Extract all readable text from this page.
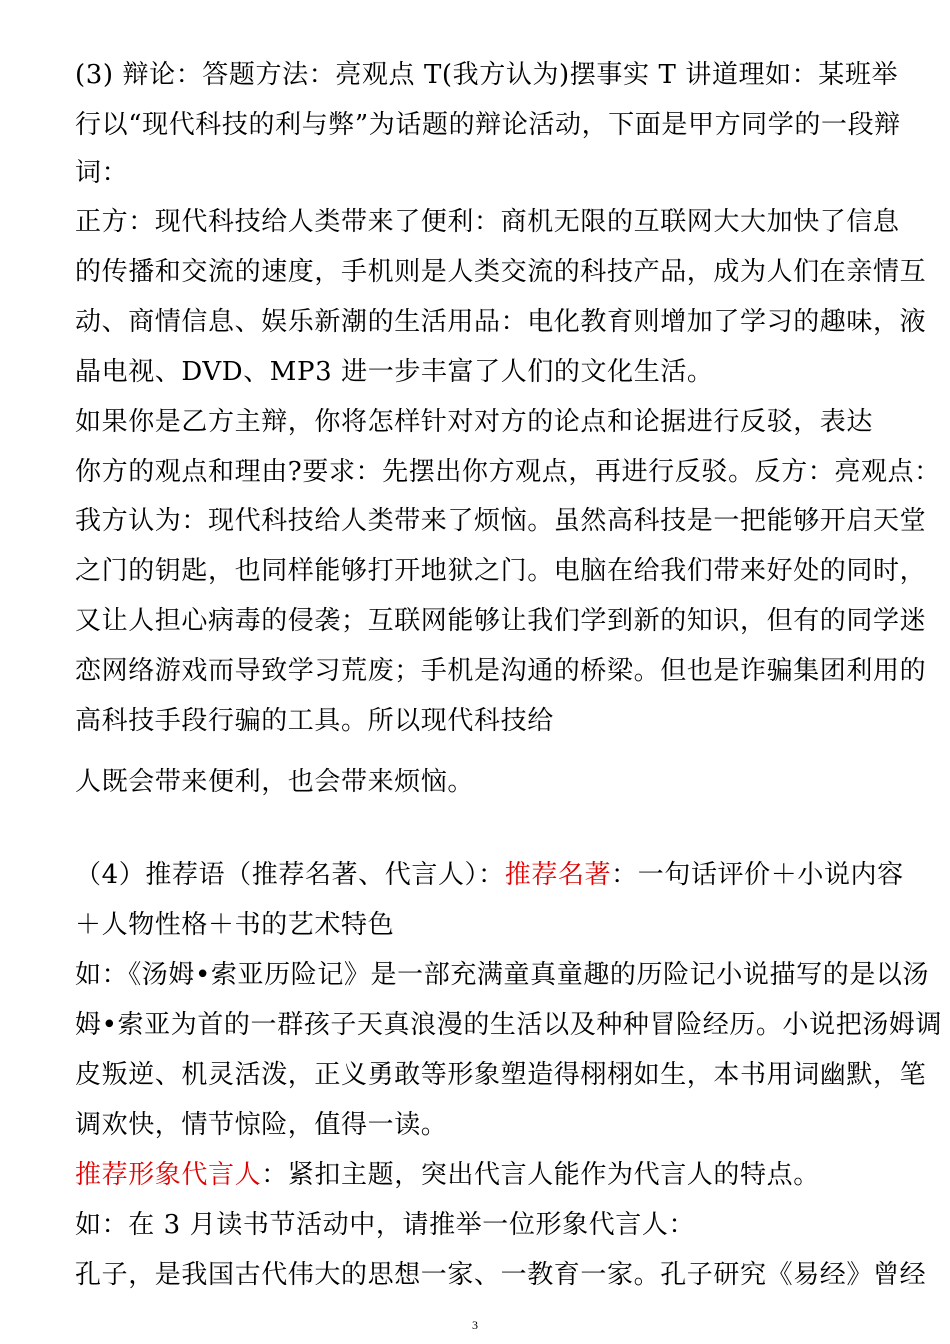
(3) 辩论：答题方法：亮观点 T(我方认为)摆事实 T 讲道理如：某班举
行以“现代科技的利与弊”为话题的辩论活动，下面是甲方同学的一段辩
词：
正方：现代科技给人类带来了便利：商机无限的互联网大大加快了信息
的传播和交流的速度，手机则是人类交流的科技产品，成为人们在亲情互
动、商情信息、娱乐新潮的生活用品：电化教育则增加了学习的趣味，液
晶电视、DVD、MP3 进一步丰富了人们的文化生活。
如果你是乙方主辩，你将怎样针对对方的论点和论据进行反驳，表达
你方的观点和理由?要求：先摆出你方观点，再进行反驳。反方：亮观点：
我方认为：现代科技给人类带来了烦恼。虽然高科技是一把能够开启天堂
之门的钥匙，也同样能够打开地狱之门。电脑在给我们带来好处的同时，
又让人担心病毒的侵袭；互联网能够让我们学到新的知识，但有的同学迷
恋网络游戏而导致学习荒废；手机是沟通的桥梁。但也是诈骗集团利用的
高科技手段行骗的工具。所以现代科技给
人既会带来便利，也会带来烦恼。
（4）推荐语（推荐名著、代言人）：推荐名著：一句话评价＋小说内容
＋人物性格＋书的艺术特色
如：《汤姆•索亚历险记》是一部充满童真童趣的历险记小说描写的是以汤
姆•索亚为首的一群孩子天真浪漫的生活以及种种冒险经历。小说把汤姆调
皮叛逆、机灵活泼，正义勇敢等形象塑造得栩栩如生，本书用词幽默，笔
调欢快，情节惊险，值得一读。
推荐形象代言人：紧扣主题，突出代言人能作为代言人的特点。
如：在 3 月读书节活动中，请推举一位形象代言人：
孔子，是我国古代伟大的思想一家、一教育一家。孔子研究《易经》曾经
3
